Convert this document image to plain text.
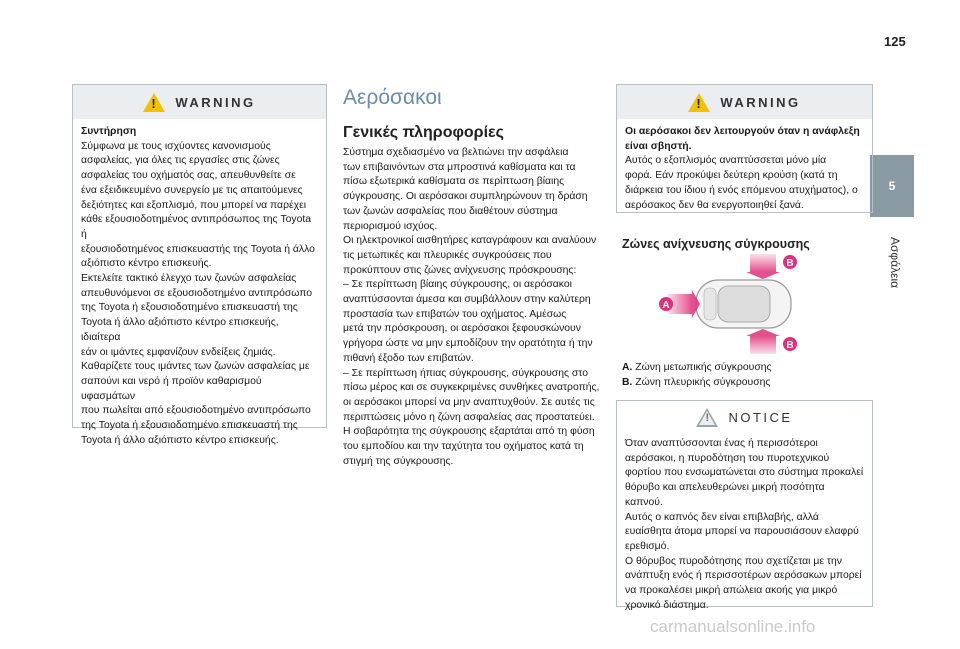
125
5
Ασφάλεια
!
WARNING

Συντήρηση

Σύμφωνα με τους ισχύοντες κανονισμούς

ασφαλείας, για όλες τις εργασίες στις ζώνες

ασφαλείας του οχήματός σας, απευθυνθείτε σε

ένα εξειδικευμένο συνεργείο με τις απαιτούμενες

δεξιότητες και εξοπλισμό, που μπορεί να παρέχει

κάθε εξουσιοδοτημένος αντιπρόσωπος της Toyota ή

εξουσιοδοτημένος επισκευαστής της Toyota ή άλλο

αξιόπιστο κέντρο επισκευής.

Εκτελείτε τακτικό έλεγχο των ζωνών ασφαλείας

απευθυνόμενοι σε εξουσιοδοτημένο αντιπρόσωπο

της Toyota ή εξουσιοδοτημένο επισκευαστή της

Toyota ή άλλο αξιόπιστο κέντρο επισκευής, ιδιαίτερα

εάν οι ιμάντες εμφανίζουν ενδείξεις ζημιάς.

Καθαρίζετε τους ιμάντες των ζωνών ασφαλείας με

σαπούνι και νερό ή προϊόν καθαρισμού υφασμάτων

που πωλείται από εξουσιοδοτημένο αντιπρόσωπο

της Toyota ή εξουσιοδοτημένο επισκευαστή της

Toyota ή άλλο αξιόπιστο κέντρο επισκευής.

Αερόσακοι
Γενικές πληροφορίες

Σύστημα σχεδιασμένο να βελτιώνει την ασφάλεια

των επιβαινόντων στα μπροστινά καθίσματα και τα

πίσω εξωτερικά καθίσματα σε περίπτωση βίαιης

σύγκρουσης. Οι αερόσακοι συμπληρώνουν τη δράση

των ζωνών ασφαλείας που διαθέτουν σύστημα

περιορισμού ισχύος.

Οι ηλεκτρονικοί αισθητήρες καταγράφουν και αναλύουν

τις μετωπικές και πλευρικές συγκρούσεις που

προκύπτουν στις ζώνες ανίχνευσης πρόσκρουσης:

– Σε περίπτωση βίαιης σύγκρουσης, οι αερόσακοι

αναπτύσσονται άμεσα και συμβάλλουν στην καλύτερη

προστασία των επιβατών του οχήματος. Αμέσως

μετά την πρόσκρουση, οι αερόσακοι ξεφουσκώνουν

γρήγορα ώστε να μην εμποδίζουν την ορατότητα ή την

πιθανή έξοδο των επιβατών.

– Σε περίπτωση ήπιας σύγκρουσης, σύγκρουσης στο

πίσω μέρος και σε συγκεκριμένες συνθήκες ανατροπής,

οι αερόσακοι μπορεί να μην αναπτυχθούν. Σε αυτές τις

περιπτώσεις μόνο η ζώνη ασφαλείας σας προστατεύει.

Η σοβαρότητα της σύγκρουσης εξαρτάται από τη φύση

του εμποδίου και την ταχύτητα του οχήματος κατά τη

στιγμή της σύγκρουσης.

!
WARNING

Οι αερόσακοι δεν λειτουργούν όταν η ανάφλεξη

είναι σβηστή.

Αυτός ο εξοπλισμός αναπτύσσεται μόνο μία

φορά. Εάν προκύψει δεύτερη κρούση (κατά τη

διάρκεια του ίδιου ή ενός επόμενου ατυχήματος), ο

αερόσακος δεν θα ενεργοποιηθεί ξανά.

Ζώνες ανίχνευσης σύγκρουσης
A
B
B
A. Ζώνη μετωπικής σύγκρουσης
B. Ζώνη πλευρικής σύγκρουσης
!
NOTICE

Όταν αναπτύσσονται ένας ή περισσότεροι

αερόσακοι, η πυροδότηση του πυροτεχνικού

φορτίου που ενσωματώνεται στο σύστημα προκαλεί

θόρυβο και απελευθερώνει μικρή ποσότητα καπνού.

Αυτός ο καπνός δεν είναι επιβλαβής, αλλά

ευαίσθητα άτομα μπορεί να παρουσιάσουν ελαφρύ

ερεθισμό.

Ο θόρυβος πυροδότησης που σχετίζεται με την

ανάπτυξη ενός ή περισσοτέρων αερόσακων μπορεί

να προκαλέσει μικρή απώλεια ακοής για μικρό

χρονικό διάστημα.

carmanualsonline.info
